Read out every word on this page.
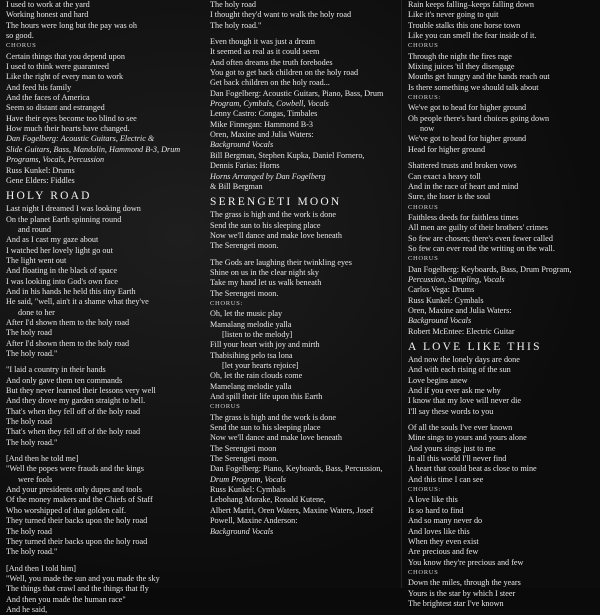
I used to work at the yard
Working honest and hard
The hours were long but the pay was oh
so good.
CHORUS
Certain things that you depend upon
I used to think were guaranteed
Like the right of every man to work
And feed his family
And the faces of America
Seem so distant and estranged
Have their eyes become too blind to see
How much their hearts have changed.
Dan Fogelberg: Acoustic Guitars, Electric &
Slide Guitars, Bass, Mandolin, Hammond B-3, Drum
Programs, Vocals, Percussion
Russ Kunkel: Drums
Gene Elders: Fiddles
HOLY ROAD
Last night I dreamed I was looking down
On the planet Earth spinning round
and round
And as I cast my gaze about
I watched her lovely light go out
The light went out
And floating in the black of space
I was looking into God's own face
And in his hands he held this tiny Earth
He said, "well, ain't it a shame what they've
done to her
After I'd shown them to the holy road
The holy road
After I'd shown them to the holy road
The holy road."
"I laid a country in their hands
And only gave them ten commands
But they never learned their lessons very well
And they drove my garden straight to hell.
That's when they fell off of the holy road
The holy road
That's when they fell off of the holy road
The holy road."
[And then he told me]
"Well the popes were frauds and the kings
were fools
And your presidents only dupes and tools
Of the money makers and the Chiefs of Staff
Who worshipped of that golden calf.
They turned their backs upon the holy road
The holy road
They turned their backs upon the holy road
The holy road."
[And then I told him]
"Well, you made the sun and you made the sky
The things that crawl and the things that fly
And then you made the human race"
And he said,
The holy road
I thought they'd want to walk the holy road
The holy road."
Even though it was just a dream
It seemed as real as it could seem
And often dreams the truth forebodes
You got to get back children on the holy road
Get back children on the holy road...
Dan Fogelberg: Acoustic Guitars, Piano, Bass, Drum
Program, Cymbals, Cowbell, Vocals
Lenny Castro: Congas, Timbales
Mike Finnegan: Hammond B-3
Oren, Maxine and Julia Waters:
Background Vocals
Bill Bergman, Stephen Kupka, Daniel Fornero,
Dennis Farias: Horns
Horns Arranged by Dan Fogelberg
& Bill Bergman
SERENGETI MOON
The grass is high and the work is done
Send the sun to his sleeping place
Now we'll dance and make love beneath
The Serengeti moon.
The Gods are laughing their twinkling eyes
Shine on us in the clear night sky
Take my hand let us walk beneath
The Serengeti moon.
CHORUS:
Oh, let the music play
Mamalang melodie yalla
[listen to the melody]
Fill your heart with joy and mirth
Thabisihing pelo tsa lona
[let your hearts rejoice]
Oh, let the rain clouds come
Mamelang melodie yalla
And spill their life upon this Earth
CHORUS
The grass is high and the work is done
Send the sun to his sleeping place
Now we'll dance and make love beneath
The Serengeti moon
The Serengeti moon.
Dan Fogelberg: Piano, Keyboards, Bass, Percussion,
Drum Program, Vocals
Russ Kunkel: Cymbals
Lebohang Morake, Ronald Kutene,
Albert Mariri, Oren Waters, Maxine Waters, Josef
Powell, Maxine Anderson:
Background Vocals
Rain keeps falling–keeps falling down
Like it's never going to quit
Trouble stalks this one horse town
Like you can smell the fear inside of it.
CHORUS
Through the night the fires rage
Mixing juices 'til they disengage
Mouths get hungry and the hands reach out
Is there something we should talk about
CHORUS:
We've got to head for higher ground
Oh people there's hard choices going down
now
We've got to head for higher ground
Head for higher ground
Shattered trusts and broken vows
Can exact a heavy toll
And in the race of heart and mind
Sure, the loser is the soul
CHORUS
Faithless deeds for faithless times
All men are guilty of their brothers' crimes
So few are chosen; there's even fewer called
So few can ever read the writing on the wall.
CHORUS
Dan Fogelberg: Keyboards, Bass, Drum Program,
Percussion, Sampling, Vocals
Carlos Vega: Drums
Russ Kunkel: Cymbals
Oren, Maxine and Julia Waters:
Background Vocals
Robert McEntee: Electric Guitar
A LOVE LIKE THIS
And now the lonely days are done
And with each rising of the sun
Love begins anew
And if you ever ask me why
I know that my love will never die
I'll say these words to you
Of all the souls I've ever known
Mine sings to yours and yours alone
And yours sings just to me
In all this world I'll never find
A heart that could beat as close to mine
And this time I can see
CHORUS:
A love like this
Is so hard to find
And so many never do
And loves like this
When they even exist
Are precious and few
You know they're precious and few
CHORUS
Down the miles, through the years
Yours is the star by which I steer
The brightest star I've known
